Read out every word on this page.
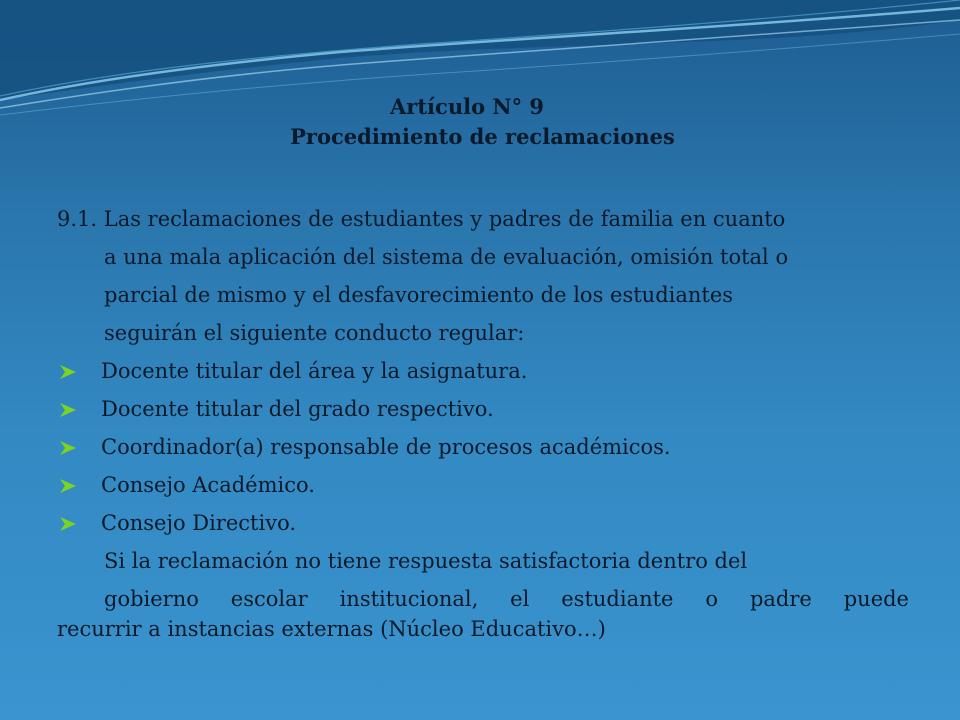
Artículo N° 9
Procedimiento de reclamaciones
9.1. Las reclamaciones de estudiantes y padres de familia en cuanto
a una mala aplicación del sistema de evaluación, omisión total o
parcial de mismo y el desfavorecimiento de los estudiantes
seguirán el siguiente conducto regular:
Docente titular del área y la asignatura.
Docente titular del grado respectivo.
Coordinador(a) responsable de procesos académicos.
Consejo Académico.
Consejo Directivo.
Si la reclamación no tiene respuesta satisfactoria dentro del
gobierno escolar institucional, el estudiante o padre puede
recurrir a instancias externas (Núcleo Educativo…)
